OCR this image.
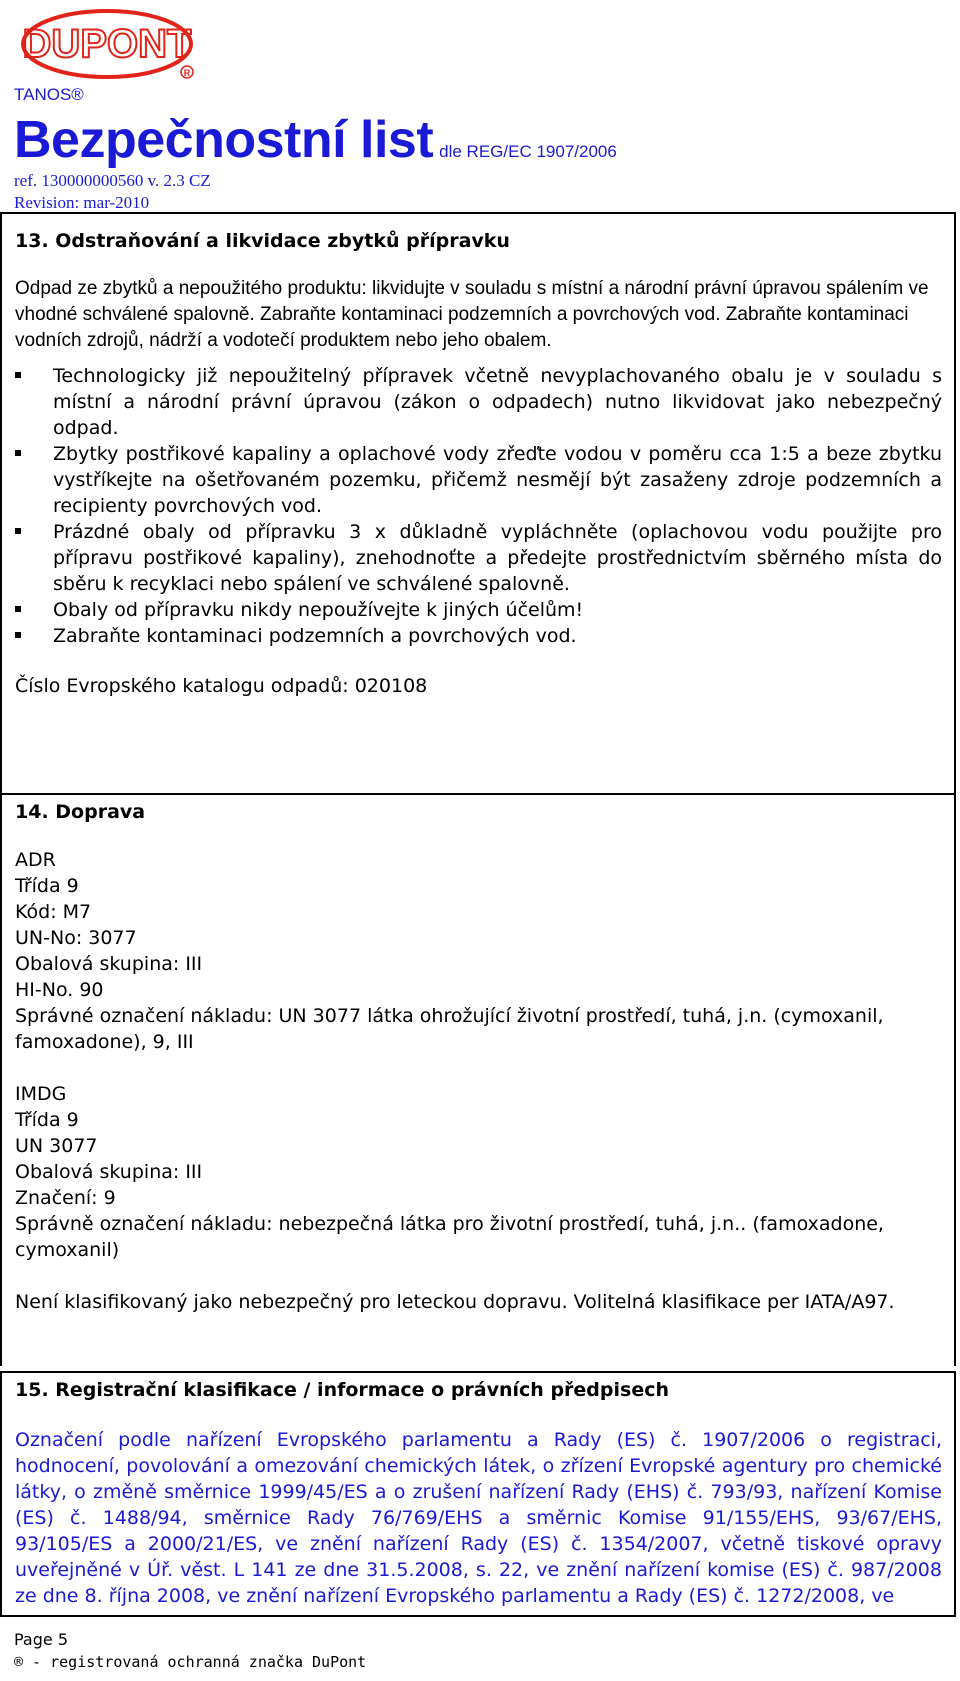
DUPONT
R
TANOS®
Bezpečnostní list dle REG/EC 1907/2006
ref. 130000000560 v. 2.3 CZ
Revision: mar-2010
13. Odstraňování a likvidace zbytků přípravku

Odpad ze zbytků a nepoužitého produktu: likvidujte v souladu s místní a národní právní úpravou spálením ve vhodné schválené spalovně. Zabraňte kontaminaci podzemních a povrchových vod. Zabraňte kontaminaci vodních zdrojů, nádrží a vodotečí produktem nebo jeho obalem.

Technologicky již nepoužitelný přípravek včetně nevyplachovaného obalu je v souladu s místní a národní právní úpravou (zákon o odpadech) nutno likvidovat jako nebezpečný odpad.
Zbytky postřikové kapaliny a oplachové vody zřeďte vodou v poměru cca 1:5 a beze zbytku vystříkejte na ošetřovaném pozemku, přičemž nesmějí být zasaženy zdroje podzemních a recipienty povrchových vod.
Prázdné obaly od přípravku 3 x důkladně vypláchněte (oplachovou vodu použijte pro přípravu postřikové kapaliny), znehodnoťte a předejte prostřednictvím sběrného místa do sběru k recyklaci nebo spálení ve schválené spalovně.
Obaly od přípravku nikdy nepoužívejte k jiných účelům!
Zabraňte kontaminaci podzemních a povrchových vod.

Číslo Evropského katalogu odpadů: 020108

14. Doprava

ADR

Třída 9

Kód: M7

UN-No: 3077

Obalová skupina: III

HI-No. 90

Správné označení nákladu: UN 3077 látka ohrožující životní prostředí, tuhá, j.n. (cymoxanil, famoxadone), 9, III

IMDG

Třída 9

UN 3077

Obalová skupina: III

Značení: 9

Správně označení nákladu: nebezpečná látka pro životní prostředí, tuhá, j.n.. (famoxadone, cymoxanil)

Není klasifikovaný jako nebezpečný pro leteckou dopravu. Volitelná klasifikace per IATA/A97.

15. Registrační klasifikace / informace o právních předpisech

Označení podle nařízení Evropského parlamentu a Rady (ES) č. 1907/2006 o registraci, hodnocení, povolování a omezování chemických látek, o zřízení Evropské agentury pro chemické látky, o změně směrnice 1999/45/ES a o zrušení nařízení Rady (EHS) č. 793/93, nařízení Komise (ES) č. 1488/94, směrnice Rady 76/769/EHS a směrnic Komise 91/155/EHS, 93/67/EHS, 93/105/ES a 2000/21/ES, ve znění nařízení Rady (ES) č. 1354/2007, včetně tiskové opravy uveřejněné v Úř. věst. L 141 ze dne 31.5.2008, s. 22, ve znění nařízení komise (ES) č. 987/2008 ze dne 8. října 2008, ve znění nařízení Evropského parlamentu a Rady (ES) č. 1272/2008, ve

Page 5
® - registrovaná ochranná značka DuPont
